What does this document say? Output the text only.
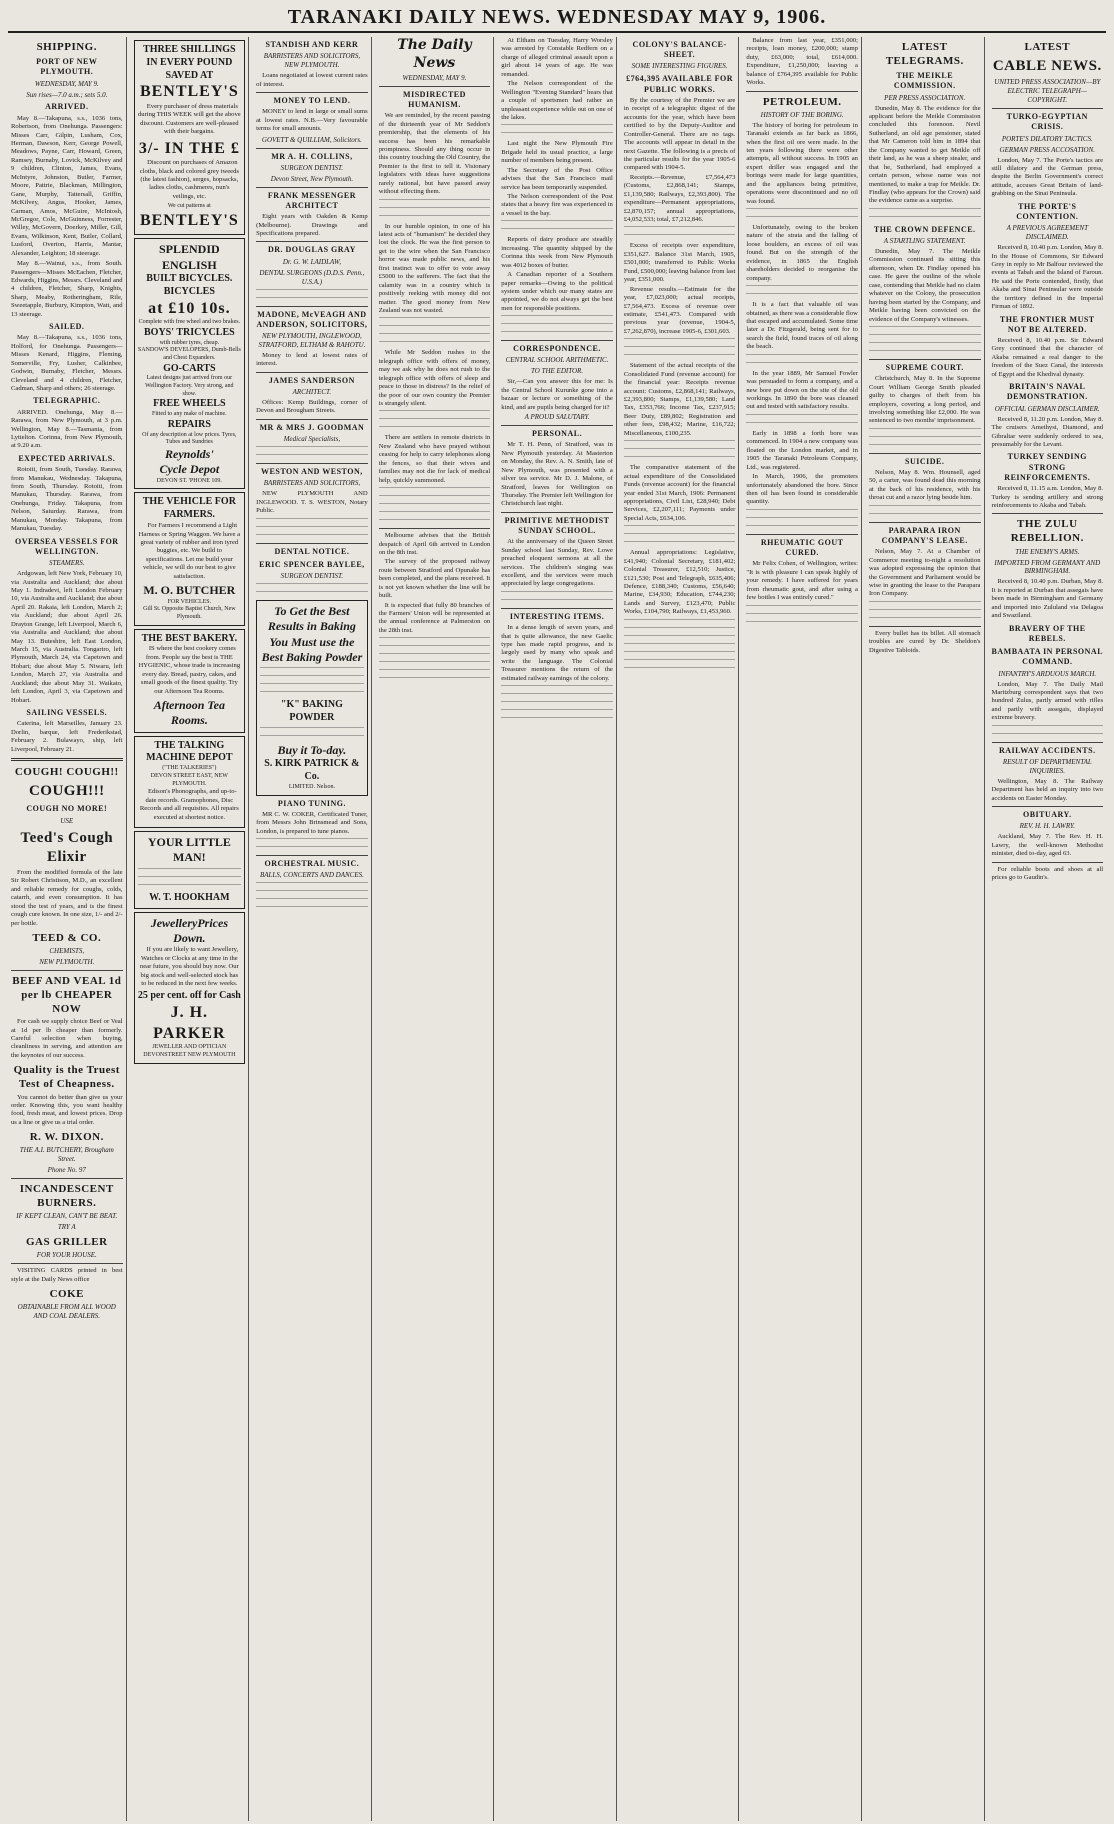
TARANAKI DAILY NEWS. WEDNESDAY MAY 9, 1906.
SHIPPING.
PORT OF NEW PLYMOUTH.
WEDNESDAY, MAY 9.
Sun rises—7.0 a.m.; sets 5.0.
ARRIVED.

May 8.—Takapuna, s.s., 1036 tons, Robertson, from Onehunga. Passengers: Misses Carr, Gilpin, Lusham, Cox, Herman, Dawson, Kerr, George Powell, Meadows, Payne, Carr, Howard, Green, Ramsey, Burnaby, Lovick, McKilvey and 9 children, Clinton, James, Evans, McIntyre, Johnston, Butler, Farmer, Moore, Pattrie, Blackman, Millington, Gane, Murphy, Tattersall, Griffin, McKilvey, Angus, Hooker, James, Carman, Amos, McGuire, McIntosh, McGregor, Cole, McGuinness, Forrester, Willey, McGovern, Doerkey, Miller, Gill, Evans, Wilkinson, Kent, Butler, Collard, Lusford, Overton, Harris, Mantar, Alexander, Leighton; 18 steerage.

May 8.—Wainui, s.s., from South. Passengers—Misses McEachen, Fletcher, Edwards, Higgins, Messrs. Cleveland and 4 children, Fletcher, Sharp, Knights, Sharp, Meaby, Rotheringham, Rile, Sweetapple, Burbury, Kimpton, Watt, and 13 steerage.

SAILED.

May 8.—Takapuna, s.s., 1036 tons, Holford, for Onehunga. Passengers—Misses Kenard, Higgins, Fleming, Somerville, Fry, Lusher, Calkinbee, Godwin, Burnaby, Fletcher, Messrs. Cleveland and 4 children, Fletcher, Cadman, Sharp and others; 26 steerage.

TELEGRAPHIC.

ARRIVED. Onehunga, May 8.—Rarawa, from New Plymouth, at 3 p.m. Wellington, May 8.—Tasmania, from Lyttelton. Corinna, from New Plymouth, at 9.20 a.m.

EXPECTED ARRIVALS.

Rotoiti, from South, Tuesday. Rarawa, from Manukau, Wednesday. Takapuna, from South, Thursday. Rotoiti, from Manukau, Thursday. Rarawa, from Onehunga, Friday. Takapuna, from Nelson, Saturday. Rarawa, from Manukau, Monday. Takapuna, from Manukau, Tuesday.

OVERSEA VESSELS FOR WELLINGTON.
STEAMERS.

Ardgowan, left New York, February 10, via Australia and Auckland; due about May 1. Indradevi, left London February 10, via Australia and Auckland; due about April 20. Rakaia, left London, March 2; via Auckland; due about April 26. Drayton Grange, left Liverpool, March 6, via Australia and Auckland; due about May 13. Buteshire, left East London, March 15, via Australia. Tongariro, left Plymouth, March 24, via Capetown and Hobart; due about May 5. Niwaru, left London, March 27, via Australia and Auckland; due about May 31. Waikato, left London, April 3, via Capetown and Hobart.

SAILING VESSELS.

Caterina, left Marseilles, January 23. Dorlin, barque, left Frederikstad, February 2. Bulawayo, ship, left Liverpool, February 21.

COUGH! COUGH!!
COUGH!!!
COUGH NO MORE!
USE
Teed's Cough Elixir

From the modified formula of the late Sir Robert Christison, M.D., an excellent and reliable remedy for coughs, colds, catarrh, and even consumption. It has stood the test of years, and is the finest cough cure known. In one size, 1/- and 2/- per bottle.

TEED & CO.
CHEMISTS,
NEW PLYMOUTH.
BEEF AND VEAL 1d per lb CHEAPER NOW

For cash we supply choice Beef or Veal at 1d per lb cheaper than formerly. Careful selection when buying, cleanliness in serving, and attention are the keynotes of our success.

Quality is the Truest Test of Cheapness.

You cannot do better than give us your order. Knowing this, you want healthy food, fresh meat, and lowest prices. Drop us a line or give us a trial order.

R. W. DIXON.
THE A.I. BUTCHERY, Brougham Street.
Phone No. 97
INCANDESCENT BURNERS.
IF KEPT CLEAN, CAN'T BE BEAT.
TRY A
GAS GRILLER
FOR YOUR HOUSE.

VISITING CARDS printed in best style at the Daily News office

COKE
OBTAINABLE FROM ALL WOOD AND COAL DEALERS.
THREE SHILLINGS IN EVERY POUND SAVED AT
BENTLEY'S

Every purchaser of dress materials during THIS WEEK will get the above discount. Customers are well-pleased with their bargains.

3/- IN THE £

Discount on purchases of Amazon cloths, black and colored grey tweeds (the latest fashion), serges, hopsacks, ladies cloths, cashmeres, nun's veilings, etc.

We cut patterns at
BENTLEY'S
SPLENDID ENGLISH
BUILT BICYCLES.
BICYCLES
at £10 10s.
Complete with free wheel and two brakes.
BOYS' TRICYCLES
with rubber tyres, cheap.
SANDOW'S DEVELOPERS, Dumb-Bells and Chest Expanders.
GO-CARTS
Latest designs just arrived from our Wellington Factory. Very strong, and show.
FREE WHEELS
Fitted to any make of machine.
REPAIRS
Of any description at low prices. Tyres, Tubes and Sundries
Reynolds'
Cycle Depot
DEVON ST. 'PHONE 109.
THE VEHICLE FOR FARMERS.

For Farmers I recommend a Light Harness or Spring Waggon. We have a great variety of rubber and iron tyred buggies, etc. We build to specifications. Let me build your vehicle, we will do our best to give satisfaction.

M. O. BUTCHER
FOR VEHICLES.
Gill St. Opposite Baptist Church, New Plymouth.
THE BEST BAKERY.

IS where the best cookery comes from. People say the best is THE HYGIENIC, whose trade is increasing every day. Bread, pastry, cakes, and small goods of the finest quality. Try our Afternoon Tea Rooms.

Afternoon Tea Rooms.
THE TALKING MACHINE DEPOT
("THE TALKERIES")
DEVON STREET EAST, NEW PLYMOUTH.

Edison's Phonographs, and up-to-date records. Gramophones, Disc Records and all requisites. All repairs executed at shortest notice.

YOUR LITTLE MAN!
W. T. HOOKHAM
JewelleryPrices Down.

If you are likely to want Jewellery, Watches or Clocks at any time in the near future, you should buy now. Our big stock and well-selected stock has to be reduced in the next few weeks.

25 per cent. off for Cash
J. H. PARKER
JEWELLER AND OPTICIAN
DEVONSTREET NEW PLYMOUTH
STANDISH AND KERR
BARRISTERS AND SOLICITORS, NEW PLYMOUTH.

Loans negotiated at lowest current rates of interest.

MONEY TO LEND.

MONEY to lend in large or small sums at lowest rates. N.B.—Very favourable terms for small amounts.

GOVETT & QUILLIAM, Solicitors.
MR A. H. COLLINS,
SURGEON DENTIST.
Devon Street, New Plymouth.
FRANK MESSENGER ARCHITECT

Eight years with Oakden & Kemp (Melbourne). Drawings and Specifications prepared.

DR. DOUGLAS GRAY
Dr. G. W. LAIDLAW,
DENTAL SURGEONS (D.D.S. Penn., U.S.A.)
MADONE, McVEAGH AND ANDERSON, SOLICITORS,
NEW PLYMOUTH, INGLEWOOD, STRATFORD, ELTHAM & RAHOTU.

Money to lend at lowest rates of interest.

JAMES SANDERSON
ARCHITECT.

Offices: Kemp Buildings, corner of Devon and Brougham Streets.

MR & MRS J. GOODMAN
Medical Specialists,
WESTON AND WESTON,
BARRISTERS AND SOLICITORS,

NEW PLYMOUTH AND INGLEWOOD. T. S. WESTON, Notary Public.

DENTAL NOTICE.
ERIC SPENCER BAYLEE,
SURGEON DENTIST.
To Get the Best Results in Baking You Must use the Best Baking Powder
"K" BAKING POWDER
Buy it To-day.
S. KIRK PATRICK & Co.
LIMITED. Nelson.
PIANO TUNING.

MR C. W. COKER, Certificated Tuner, from Messrs John Brinsmead and Sons, London, is prepared to tune pianos.

ORCHESTRAL MUSIC.
BALLS, CONCERTS AND DANCES.
The Daily News
WEDNESDAY, MAY 9.
MISDIRECTED HUMANISM.

We are reminded, by the recent passing of the thirteenth year of Mr Seddon's premiership, that the elements of his success has been his remarkable promptness. Should any thing occur in this country touching the Old Country, the Premier is the first to tell it. Visionary legislators with ideas have suggestions rarely rational, but have passed away without effecting them.

In our humble opinion, in one of his latest acts of "humanism" he decided they lost the clock. He was the first person to get to the wire when the San Francisco horror was made public news, and his first instinct was to offer to vote away £5000 to the sufferers. The fact that the calamity was in a country which is positively reeking with money did not matter. The good money from New Zealand was not wasted.

While Mr Seddon rushes to the telegraph office with offers of money, may we ask why he does not rush to the telegraph office with offers of sleep and peace to those in distress? In the relief of the poor of our own country the Premier is strangely silent.

There are settlers in remote districts in New Zealand who have prayed without ceasing for help to carry telephones along the fences, so that their wives and families may not die for lack of medical help, quickly summoned.

Melbourne advises that the British despatch of April 6th arrived in London on the 8th inst.

The survey of the proposed railway route between Stratford and Opunake has been completed, and the plans received. It is not yet known whether the line will be built.

It is expected that fully 80 branches of the Farmers' Union will be represented at the annual conference at Palmerston on the 28th inst.

At Eltham on Tuesday, Harry Worsley was arrested by Constable Redfern on a charge of alleged criminal assault upon a girl about 14 years of age. He was remanded.

The Nelson correspondent of the Wellington "Evening Standard" hears that a couple of sportsmen had rather an unpleasant experience while out on one of the lakes.

Last night the New Plymouth Fire Brigade held its usual practice, a large number of members being present.

The Secretary of the Post Office advises that the San Francisco mail service has been temporarily suspended.

The Nelson correspondent of the Post states that a heavy fire was experienced in a vessel in the bay.

Reports of dairy produce are steadily increasing. The quantity shipped by the Corinna this week from New Plymouth was 4012 boxes of butter.

A Canadian reporter of a Southern paper remarks—Owing to the political system under which our many states are appointed, we do not always get the best men for responsible positions.

CORRESPONDENCE.
CENTRAL SCHOOL ARITHMETIC.
TO THE EDITOR.

Sir,—Can you answer this for me: Is the Central School Kurunke gone into a bazaar or lecture or something of the kind, and are pupils being charged for it?

A PROUD SALUTARY.
PERSONAL.

Mr T. H. Penn, of Stratford, was in New Plymouth yesterday. At Masterton on Monday, the Rev. A. N. Smith, late of New Plymouth, was presented with a silver tea service. Mr D. J. Malone, of Stratford, leaves for Wellington on Thursday. The Premier left Wellington for Christchurch last night.

PRIMITIVE METHODIST SUNDAY SCHOOL.

At the anniversary of the Queen Street Sunday school last Sunday, Rev. Lowe preached eloquent sermons at all the services. The children's singing was excellent, and the services were much appreciated by large congregations.

INTERESTING ITEMS.

In a dense length of seven years, and that is quite allowance, the new Gaelic type has made rapid progress, and is largely used by many who speak and write the language. The Colonial Treasurer mentions the return of the estimated railway earnings of the colony.

COLONY'S BALANCE-SHEET.
SOME INTERESTING FIGURES.
£764,395 AVAILABLE FOR PUBLIC WORKS.

By the courtesy of the Premier we are in receipt of a telegraphic digest of the accounts for the year, which have been certified to by the Deputy-Auditor and Controller-General. There are no tags. The accounts will appear in detail in the next Gazette. The following is a precis of the particular results for the year 1905-6 compared with 1904-5.

Receipts.—Revenue, £7,564,473 (Customs, £2,868,141; Stamps, £1,139,580; Railways, £2,393,800). The expenditure—Permanent appropriations, £2,870,157; annual appropriations, £4,052,533; total, £7,212,846.

Excess of receipts over expenditure, £351,627. Balance 31st March, 1905, £501,000; transferred to Public Works Fund, £500,000; leaving balance from last year, £351,000.

Revenue results.—Estimate for the year, £7,023,000; actual receipts, £7,564,473. Excess of revenue over estimate, £541,473. Compared with previous year (revenue, 1904-5, £7,262,870), increase 1905-6, £301,603.

Statement of the actual receipts of the Consolidated Fund (revenue account) for the financial year: Receipts revenue account: Customs, £2,868,141; Railways, £2,393,800; Stamps, £1,139,580; Land Tax, £353,766; Income Tax, £237,915; Beer Duty, £89,802; Registration and other fees, £98,432; Marine, £16,722; Miscellaneous, £100,235.

The comparative statement of the actual expenditure of the Consolidated Funds (revenue account) for the financial year ended 31st March, 1906: Permanent appropriations, Civil List, £28,940; Debt Services, £2,207,111; Payments under Special Acts, £634,106.

Annual appropriations: Legislative, £41,940; Colonial Secretary, £181,402; Colonial Treasurer, £12,510; Justice, £121,530; Post and Telegraph, £635,406; Defence, £188,340; Customs, £56,640; Marine, £34,930; Education, £744,230; Lands and Survey, £123,470; Public Works, £104,790; Railways, £1,453,960.

Balance from last year, £351,000; receipts, loan money, £200,000; stamp duty, £63,000; total, £614,000. Expenditure, £1,250,000; leaving a balance of £764,395 available for Public Works.

PETROLEUM.
HISTORY OF THE BORING.

The history of boring for petroleum in Taranaki extends as far back as 1866, when the first oil ore were made. In the ten years following there were other attempts, all without success. In 1905 an expert driller was engaged and the borings were made for large quantities, and the appliances being primitive, operations were discontinued and no oil was found.

Unfortunately, owing to the broken nature of the strata and the falling of loose boulders, an excess of oil was found. But on the strength of the evidence, in 1865 the English shareholders decided to reorganise the company.

It is a fact that valuable oil was obtained, as there was a considerable flow that escaped and accumulated. Some time later a Dr. Fitzgerald, being sent for to search the field, found traces of oil along the beach.

In the year 1889, Mr Samuel Fowler was persuaded to form a company, and a new bore put down on the site of the old workings. In 1890 the bore was cleaned out and tested with satisfactory results.

Early in 1898 a forth bore was commenced. In 1904 a new company was floated on the London market, and in 1905 the Taranaki Petroleum Company, Ltd., was registered.

In March, 1906, the promoters unfortunately abandoned the bore. Since then oil has been found in considerable quantity.

RHEUMATIC GOUT CURED.

Mr Felix Cohen, of Wellington, writes: "It is with pleasure I can speak highly of your remedy. I have suffered for years from rheumatic gout, and after using a few bottles I was entirely cured."

LATEST TELEGRAMS.
THE MEIKLE COMMISSION.
PER PRESS ASSOCIATION.

Dunedin, May 8. The evidence for the applicant before the Meikle Commission concluded this forenoon. Nevil Sutherland, an old age pensioner, stated that Mr Cameron told him in 1894 that the Company wanted to get Meikle off their land, as he was a sheep stealer, and that he, Sutherland, had employed a certain person, whose name was not mentioned, to make a trap for Meikle. Dr. Findlay (who appears for the Crown) said the evidence came as a surprise.

THE CROWN DEFENCE.
A STARTLING STATEMENT.

Dunedin, May 7. The Meikle Commission continued its sitting this afternoon, when Dr. Findlay opened his case. He gave the outline of the whole case, contending that Meikle had no claim whatever on the Colony, the prosecution having been started by the Company, and Meikle having been convicted on the evidence of the Company's witnesses.

SUPREME COURT.

Christchurch, May 8. In the Supreme Court William George Smith pleaded guilty to charges of theft from his employers, covering a long period, and involving something like £2,000. He was sentenced to two months' imprisonment.

SUICIDE.

Nelson, May 8. Wm. Hounsell, aged 50, a carter, was found dead this morning at the back of his residence, with his throat cut and a razor lying beside him.

PARAPARA IRON COMPANY'S LEASE.

Nelson, May 7. At a Chamber of Commerce meeting to-night a resolution was adopted expressing the opinion that the Government and Parliament would be wise in granting the lease to the Parapara Iron Company.

Every bullet has its billet. All stomach troubles are cured by Dr. Sheldon's Digestive Tabloids.

LATEST
CABLE NEWS.
UNITED PRESS ASSOCIATION—BY ELECTRIC TELEGRAPH—COPYRIGHT.
TURKO-EGYPTIAN CRISIS.
PORTE'S DILATORY TACTICS.
GERMAN PRESS ACCOSATION.

London, May 7. The Porte's tactics are still dilatory and the German press, despite the Berlin Government's correct attitude, accuses Great Britain of land-grabbing on the Sinai Peninsula.

THE PORTE'S CONTENTION.
A PREVIOUS AGREEMENT DISCLAIMED.

Received 8, 10.40 p.m. London, May 8. In the House of Commons, Sir Edward Grey in reply to Mr Balfour reviewed the events at Tabah and the Island of Faroun. He said the Porte contended, firstly, that Akaba and Sinai Peninsular were outside the territory defined in the Imperial Firman of 1892.

THE FRONTIER MUST NOT BE ALTERED.

Received 8, 10.40 p.m. Sir Edward Grey continued that the character of Akaba remained a real danger to the freedom of the Suez Canal, the interests of Egypt and the Khedival dynasty.

BRITAIN'S NAVAL DEMONSTRATION.
OFFICIAL GERMAN DISCLAIMER.

Received 8, 11.20 p.m. London, May 8. The cruisers Amethyst, Diamond, and Gibraltar were suddenly ordered to sea, presumably for the Levant.

TURKEY SENDING STRONG REINFORCEMENTS.

Received 8, 11.15 a.m. London, May 8. Turkey is sending artillery and strong reinforcements to Akaba and Tabah.

THE ZULU REBELLION.
THE ENEMY'S ARMS.
IMPORTED FROM GERMANY AND BIRMINGHAM.

Received 8, 10.40 p.m. Durban, May 8. It is reported at Durban that assegais have been made in Birmingham and Germany and imported into Zululand via Delagoa and Swaziland.

BRAVERY OF THE REBELS.
BAMBAATA IN PERSONAL COMMAND.
INFANTRY'S ARDUOUS MARCH.

London, May 7. The Daily Mail Maritzburg correspondent says that two hundred Zulus, partly armed with rifles and partly with assegais, displayed extreme bravery.

RAILWAY ACCIDENTS.
RESULT OF DEPARTMENTAL INQUIRIES.

Wellington, May 8. The Railway Department has held an inquiry into two accidents on Easter Monday.

OBITUARY.
REV. H. H. LAWRY.

Auckland, May 7. The Rev. H. H. Lawry, the well-known Methodist minister, died to-day, aged 63.

For reliable boots and shoes at all prices go to Gaudin's.
